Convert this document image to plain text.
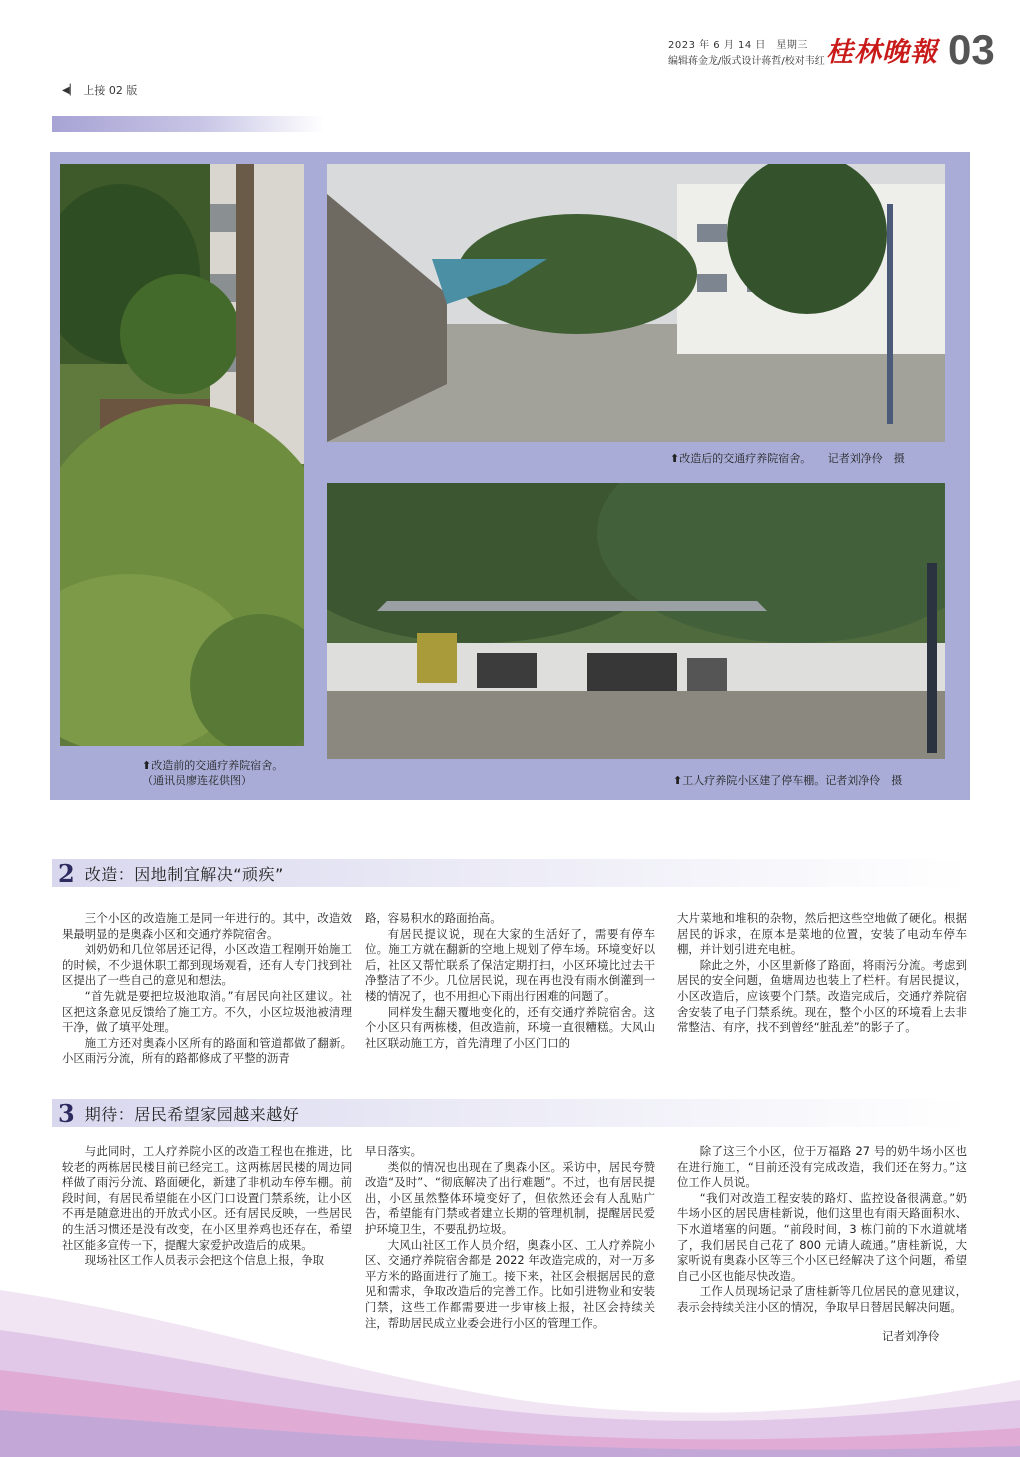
2023 年 6 月 14 日　星期三
编辑蒋金龙/版式设计蒋哲/校对韦红 桂林晚報 03
◀▏ 上接 02 版
⬆改造后的交通疗养院宿舍。　　记者刘净伶　摄
⬆工人疗养院小区建了停车棚。记者刘净伶　摄
⬆改造前的交通疗养院宿舍。
（通讯员廖连花供图）
2 改造：因地制宜解决“顽疾”

三个小区的改造施工是同一年进行的。其中，改造效果最明显的是奥森小区和交通疗养院宿舍。

刘奶奶和几位邻居还记得，小区改造工程刚开始施工的时候，不少退休职工都到现场观看，还有人专门找到社区提出了一些自己的意见和想法。

“首先就是要把垃圾池取消。”有居民向社区建议。社区把这条意见反馈给了施工方。不久，小区垃圾池被清理干净，做了填平处理。

施工方还对奥森小区所有的路面和管道都做了翻新。小区雨污分流，所有的路都修成了平整的沥青

路，容易积水的路面抬高。

有居民提议说，现在大家的生活好了，需要有停车位。施工方就在翻新的空地上规划了停车场。环境变好以后，社区又帮忙联系了保洁定期打扫，小区环境比过去干净整洁了不少。几位居民说，现在再也没有雨水倒灌到一楼的情况了，也不用担心下雨出行困难的问题了。

同样发生翻天覆地变化的，还有交通疗养院宿舍。这个小区只有两栋楼，但改造前，环境一直很糟糕。大风山社区联动施工方，首先清理了小区门口的

大片菜地和堆积的杂物，然后把这些空地做了硬化。根据居民的诉求，在原本是菜地的位置，安装了电动车停车棚，并计划引进充电桩。

除此之外，小区里新修了路面，将雨污分流。考虑到居民的安全问题，鱼塘周边也装上了栏杆。有居民提议，小区改造后，应该要个门禁。改造完成后，交通疗养院宿舍安装了电子门禁系统。现在，整个小区的环境看上去非常整洁、有序，找不到曾经“脏乱差”的影子了。

3 期待：居民希望家园越来越好

与此同时，工人疗养院小区的改造工程也在推进，比较老的两栋居民楼目前已经完工。这两栋居民楼的周边同样做了雨污分流、路面硬化，新建了非机动车停车棚。前段时间，有居民希望能在小区门口设置门禁系统，让小区不再是随意进出的开放式小区。还有居民反映，一些居民的生活习惯还是没有改变，在小区里养鸡也还存在，希望社区能多宣传一下，提醒大家爱护改造后的成果。

现场社区工作人员表示会把这个信息上报，争取

早日落实。

类似的情况也出现在了奥森小区。采访中，居民夸赞改造“及时”、“彻底解决了出行难题”。不过，也有居民提出，小区虽然整体环境变好了，但依然还会有人乱贴广告，希望能有门禁或者建立长期的管理机制，提醒居民爱护环境卫生，不要乱扔垃圾。

大风山社区工作人员介绍，奥森小区、工人疗养院小区、交通疗养院宿舍都是 2022 年改造完成的，对一万多平方米的路面进行了施工。接下来，社区会根据居民的意见和需求，争取改造后的完善工作。比如引进物业和安装门禁，这些工作都需要进一步审核上报，社区会持续关注，帮助居民成立业委会进行小区的管理工作。

除了这三个小区，位于万福路 27 号的奶牛场小区也在进行施工，“目前还没有完成改造，我们还在努力。”这位工作人员说。

“我们对改造工程安装的路灯、监控设备很满意。”奶牛场小区的居民唐桂新说，他们这里也有雨天路面积水、下水道堵塞的问题。“前段时间，3 栋门前的下水道就堵了，我们居民自己花了 800 元请人疏通。”唐桂新说，大家听说有奥森小区等三个小区已经解决了这个问题，希望自己小区也能尽快改造。

工作人员现场记录了唐桂新等几位居民的意见建议，表示会持续关注小区的情况，争取早日替居民解决问题。

记者刘净伶
